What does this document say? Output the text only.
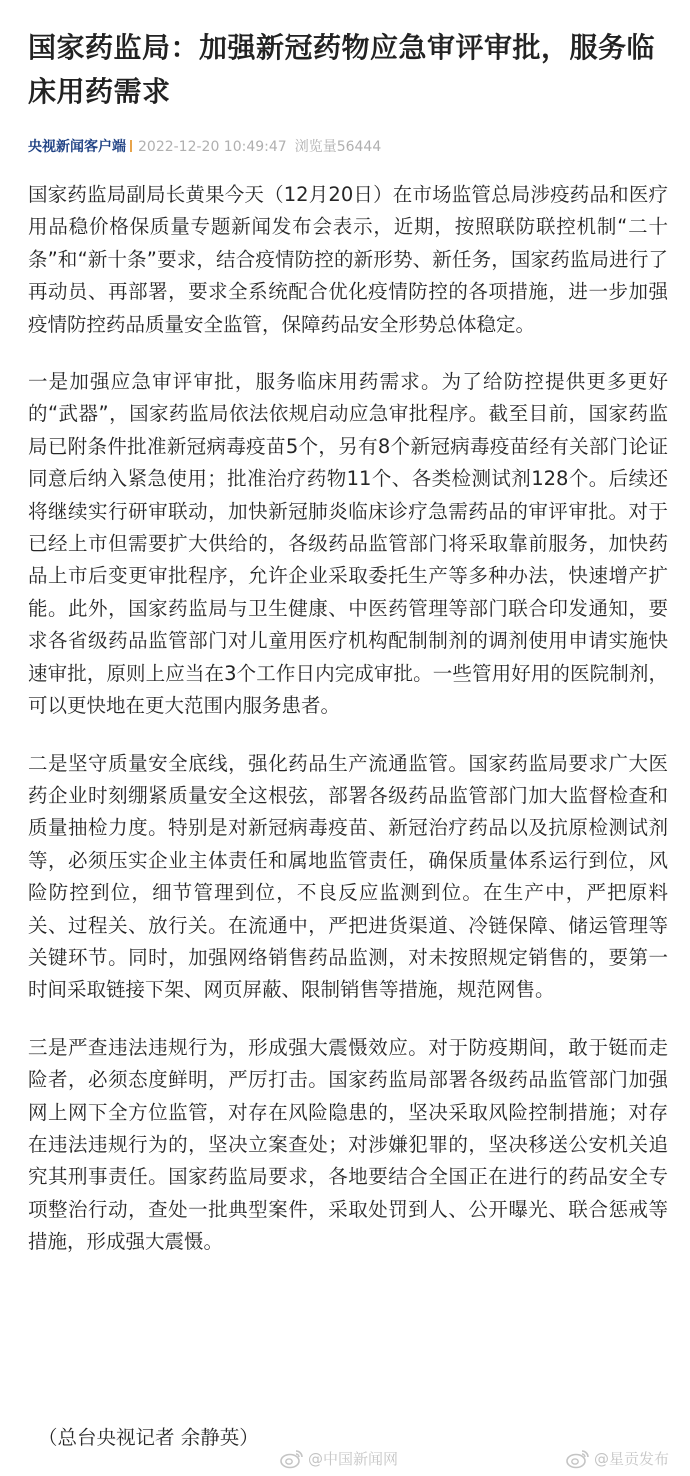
国家药监局：加强新冠药物应急审评审批，服务临床用药需求
央视新闻客户端 2022-12-20 10:49:47 浏览量56444

国家药监局副局长黄果今天（12月20日）在市场监管总局涉疫药品和医疗用品稳价格保质量专题新闻发布会表示，近期，按照联防联控机制“二十条”和“新十条”要求，结合疫情防控的新形势、新任务，国家药监局进行了再动员、再部署，要求全系统配合优化疫情防控的各项措施，进一步加强疫情防控药品质量安全监管，保障药品安全形势总体稳定。

一是加强应急审评审批，服务临床用药需求。为了给防控提供更多更好的“武器”，国家药监局依法依规启动应急审批程序。截至目前，国家药监局已附条件批准新冠病毒疫苗5个，另有8个新冠病毒疫苗经有关部门论证同意后纳入紧急使用；批准治疗药物11个、各类检测试剂128个。后续还将继续实行研审联动，加快新冠肺炎临床诊疗急需药品的审评审批。对于已经上市但需要扩大供给的，各级药品监管部门将采取靠前服务，加快药品上市后变更审批程序，允许企业采取委托生产等多种办法，快速增产扩能。此外，国家药监局与卫生健康、中医药管理等部门联合印发通知，要求各省级药品监管部门对儿童用医疗机构配制制剂的调剂使用申请实施快速审批，原则上应当在3个工作日内完成审批。一些管用好用的医院制剂，可以更快地在更大范围内服务患者。

二是坚守质量安全底线，强化药品生产流通监管。国家药监局要求广大医药企业时刻绷紧质量安全这根弦，部署各级药品监管部门加大监督检查和质量抽检力度。特别是对新冠病毒疫苗、新冠治疗药品以及抗原检测试剂等，必须压实企业主体责任和属地监管责任，确保质量体系运行到位，风险防控到位，细节管理到位，不良反应监测到位。在生产中，严把原料关、过程关、放行关。在流通中，严把进货渠道、冷链保障、储运管理等关键环节。同时，加强网络销售药品监测，对未按照规定销售的，要第一时间采取链接下架、网页屏蔽、限制销售等措施，规范网售。

三是严查违法违规行为，形成强大震慑效应。对于防疫期间，敢于铤而走险者，必须态度鲜明，严厉打击。国家药监局部署各级药品监管部门加强网上网下全方位监管，对存在风险隐患的，坚决采取风险控制措施；对存在违法违规行为的，坚决立案查处；对涉嫌犯罪的，坚决移送公安机关追究其刑事责任。国家药监局要求，各地要结合全国正在进行的药品安全专项整治行动，查处一批典型案件，采取处罚到人、公开曝光、联合惩戒等措施，形成强大震慑。

（总台央视记者 余静英）
@中国新闻网	@星贡发布
